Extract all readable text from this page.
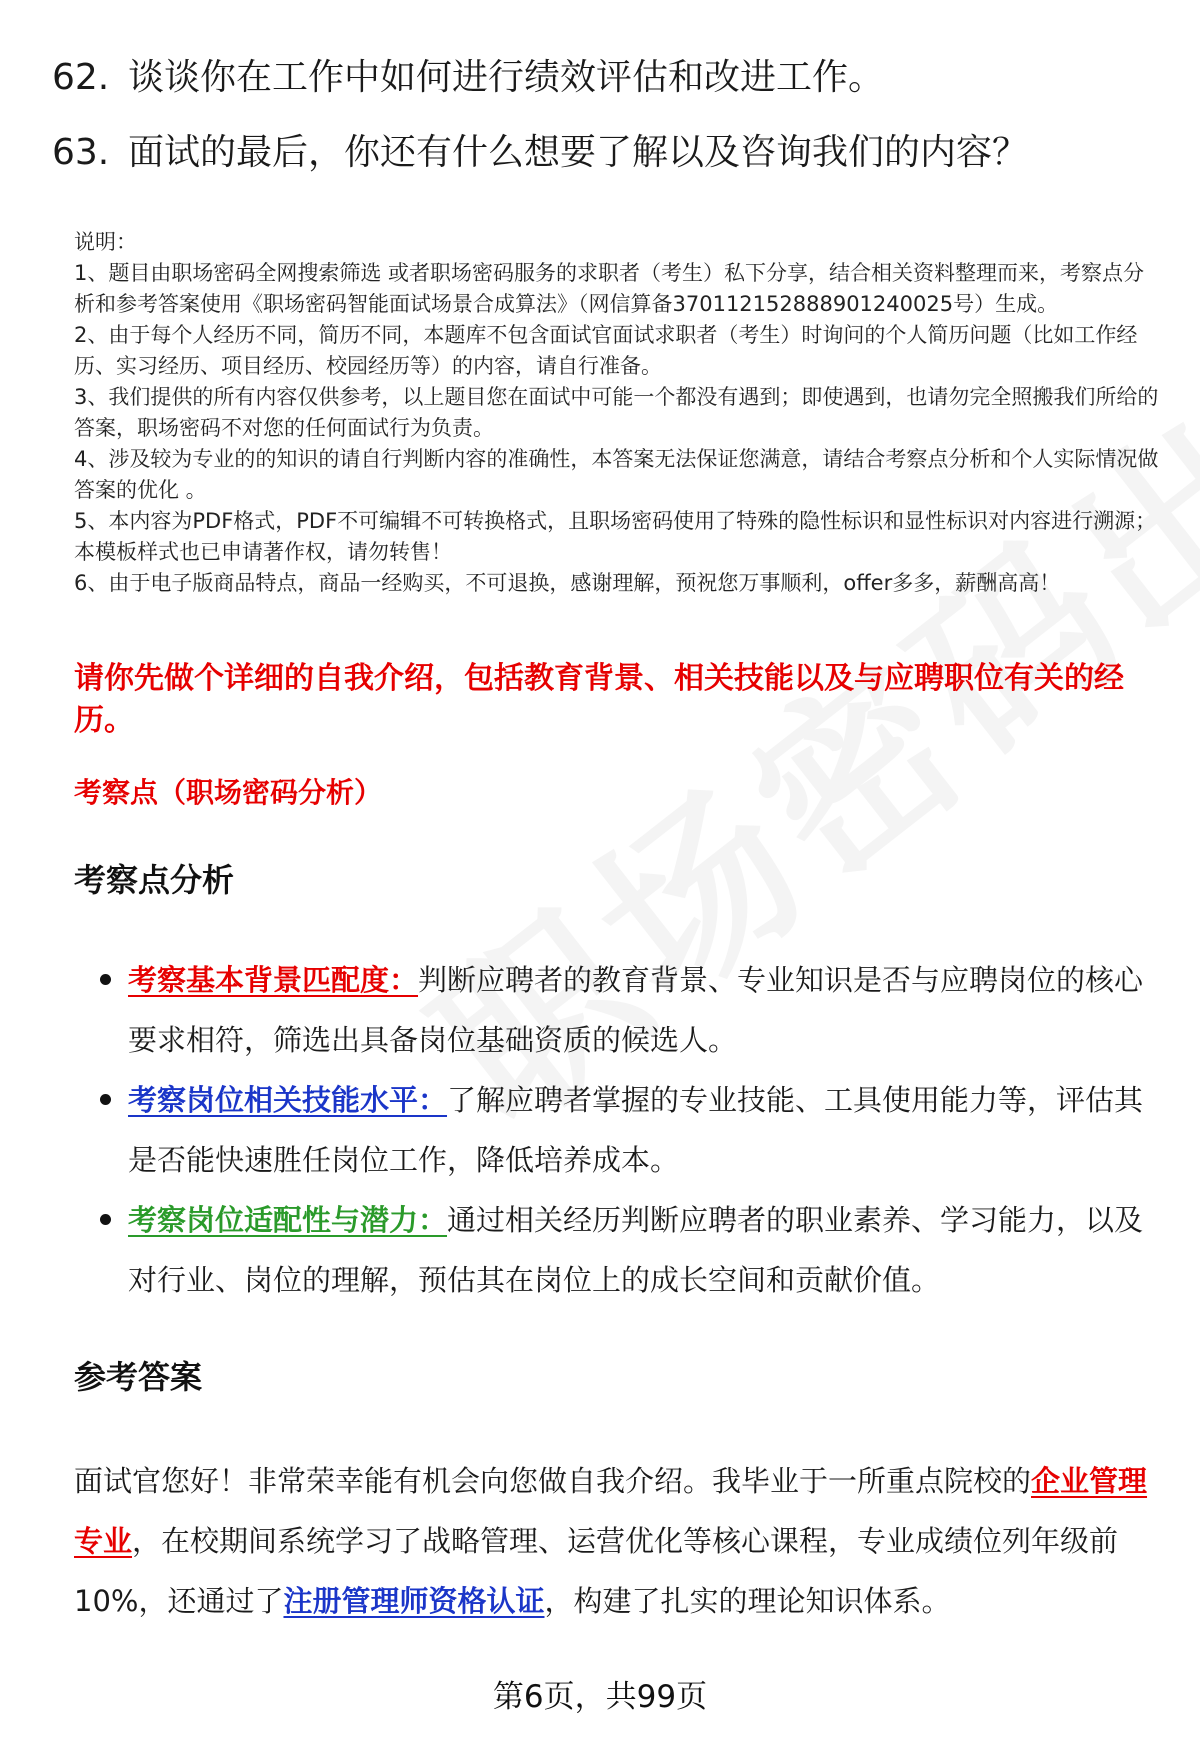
62. 谈谈你在工作中如何进行绩效评估和改进工作。
63. 面试的最后，你还有什么想要了解以及咨询我们的内容？

说明：

1、题目由职场密码全网搜索筛选 或者职场密码服务的求职者（考生）私下分享，结合相关资料整理而来，考察点分析和参考答案使用《职场密码智能面试场景合成算法》（网信算备370112152888901240025号）生成。

2、由于每个人经历不同，简历不同，本题库不包含面试官面试求职者（考生）时询问的个人简历问题（比如工作经历、实习经历、项目经历、校园经历等）的内容，请自行准备。

3、我们提供的所有内容仅供参考，以上题目您在面试中可能一个都没有遇到；即使遇到，也请勿完全照搬我们所给的答案，职场密码不对您的任何面试行为负责。

4、涉及较为专业的的知识的请自行判断内容的准确性，本答案无法保证您满意，请结合考察点分析和个人实际情况做答案的优化 。

5、本内容为PDF格式，PDF不可编辑不可转换格式，且职场密码使用了特殊的隐性标识和显性标识对内容进行溯源；本模板样式也已申请著作权，请勿转售！

6、由于电子版商品特点，商品一经购买，不可退换，感谢理解，预祝您万事顺利，offer多多，薪酬高高！

请你先做个详细的自我介绍，包括教育背景、相关技能以及与应聘职位有关的经历。
考察点（职场密码分析）
考察点分析
考察基本背景匹配度：判断应聘者的教育背景、专业知识是否与应聘岗位的核心要求相符，筛选出具备岗位基础资质的候选人。
考察岗位相关技能水平：了解应聘者掌握的专业技能、工具使用能力等，评估其是否能快速胜任岗位工作，降低培养成本。
考察岗位适配性与潜力：通过相关经历判断应聘者的职业素养、学习能力，以及对行业、岗位的理解，预估其在岗位上的成长空间和贡献价值。
参考答案
面试官您好！非常荣幸能有机会向您做自我介绍。我毕业于一所重点院校的企业管理专业，在校期间系统学习了战略管理、运营优化等核心课程，专业成绩位列年级前10%，还通过了注册管理师资格认证，构建了扎实的理论知识体系。
第6页，共99页
